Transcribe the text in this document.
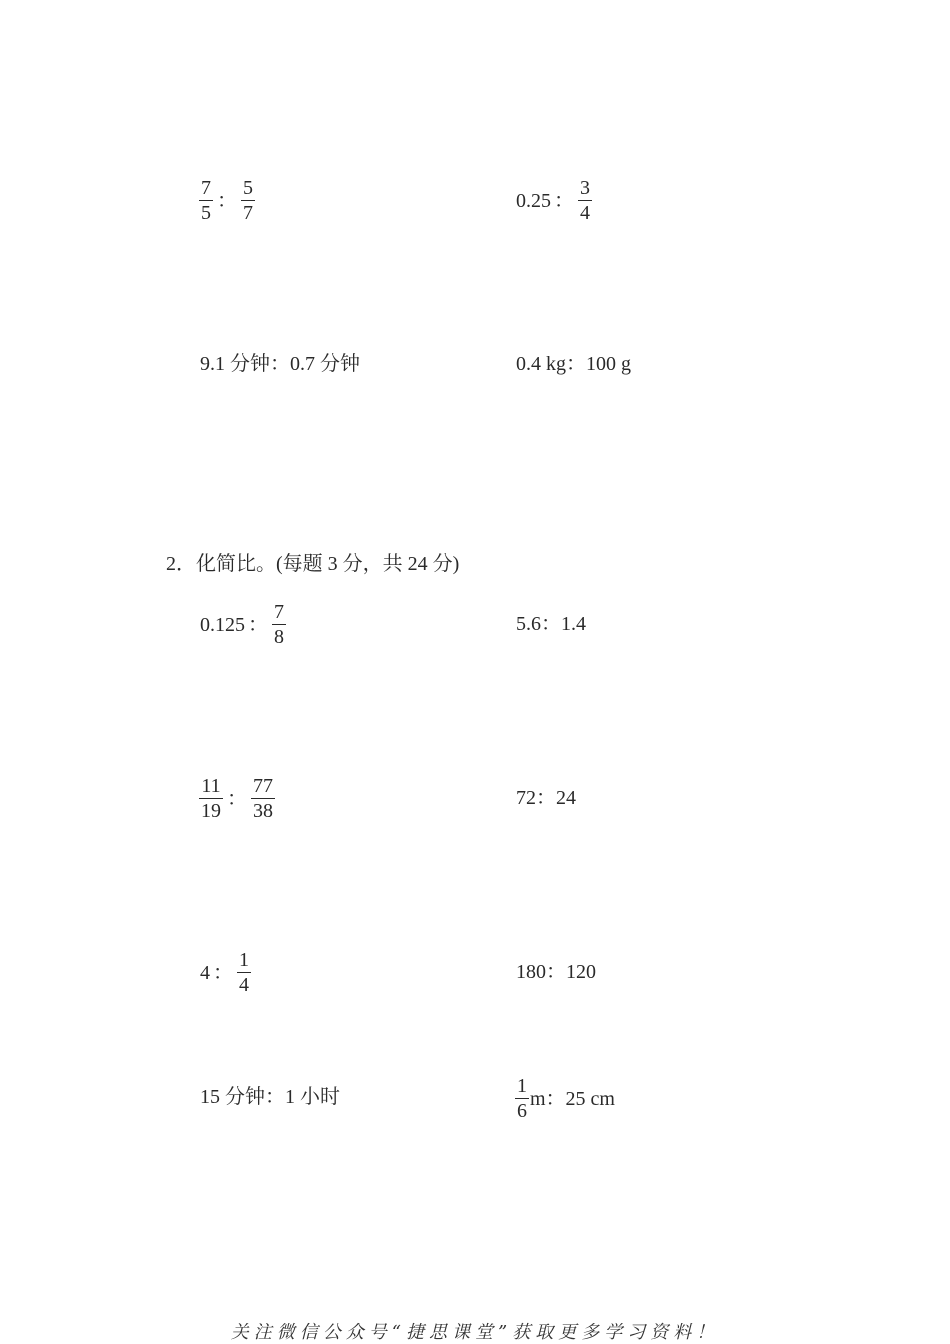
$\frac{7}{5}$ ： $\frac{5}{7}$	0.25 ： $\frac{3}{4}$
9.1 分钟：0.7 分钟	0.4 kg：100 g
2．化简比。(每题 3 分，共 24 分)
0.125 ： $\frac{7}{8}$	5.6：1.4
$\frac{11}{19}$ ： $\frac{77}{38}$	72：24
4 ： $\frac{1}{4}$	180：120
15 分钟：1 小时	$\frac{1}{6}$ m：25 cm
关注微信公众号“捷思课堂”获取更多学习资料！
